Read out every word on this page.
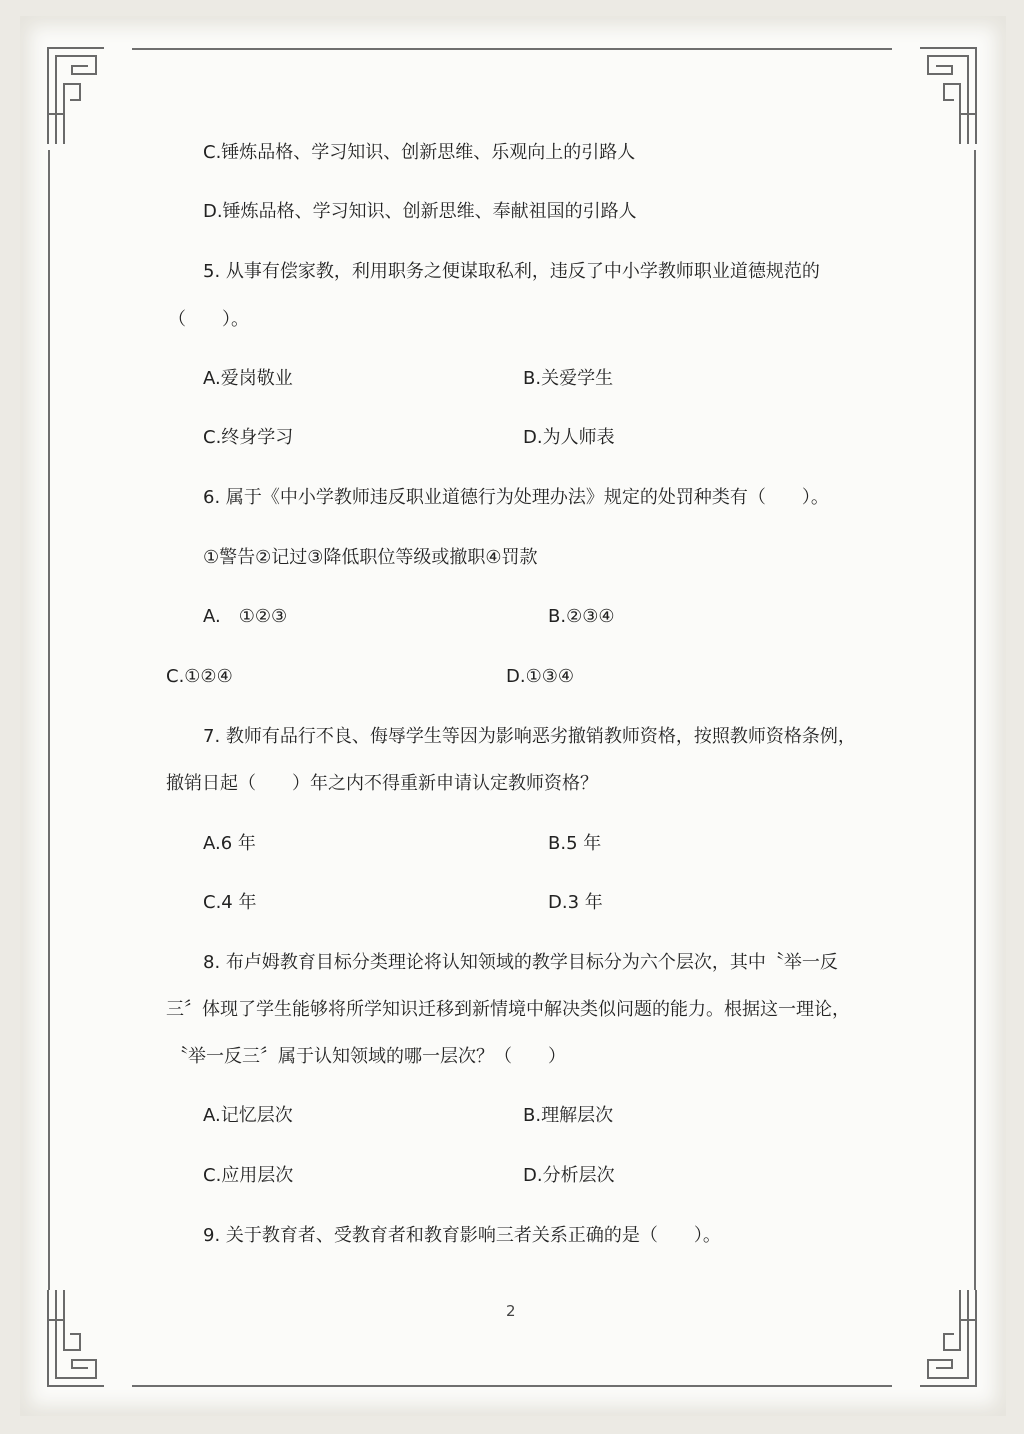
C.锤炼品格、学习知识、创新思维、乐观向上的引路人
D.锤炼品格、学习知识、创新思维、奉献祖国的引路人
5. 从事有偿家教，利用职务之便谋取私利，违反了中小学教师职业道德规范的
（　　）。
A.爱岗敬业	B.关爱学生
C.终身学习	D.为人师表
6. 属于《中小学教师违反职业道德行为处理办法》规定的处罚种类有（　　）。
①警告②记过③降低职位等级或撤职④罚款
A.　①②③	B.②③④
C.①②④	D.①③④
7. 教师有品行不良、侮辱学生等因为影响恶劣撤销教师资格，按照教师资格条例，
撤销日起（　　）年之内不得重新申请认定教师资格？
A.6 年	B.5 年
C.4 年	D.3 年
8. 布卢姆教育目标分类理论将认知领域的教学目标分为六个层次，其中〝举一反
三〞体现了学生能够将所学知识迁移到新情境中解决类似问题的能力。根据这一理论，
〝举一反三〞属于认知领域的哪一层次？（　　）
A.记忆层次	B.理解层次
C.应用层次	D.分析层次
9. 关于教育者、受教育者和教育影响三者关系正确的是（　　）。
2
